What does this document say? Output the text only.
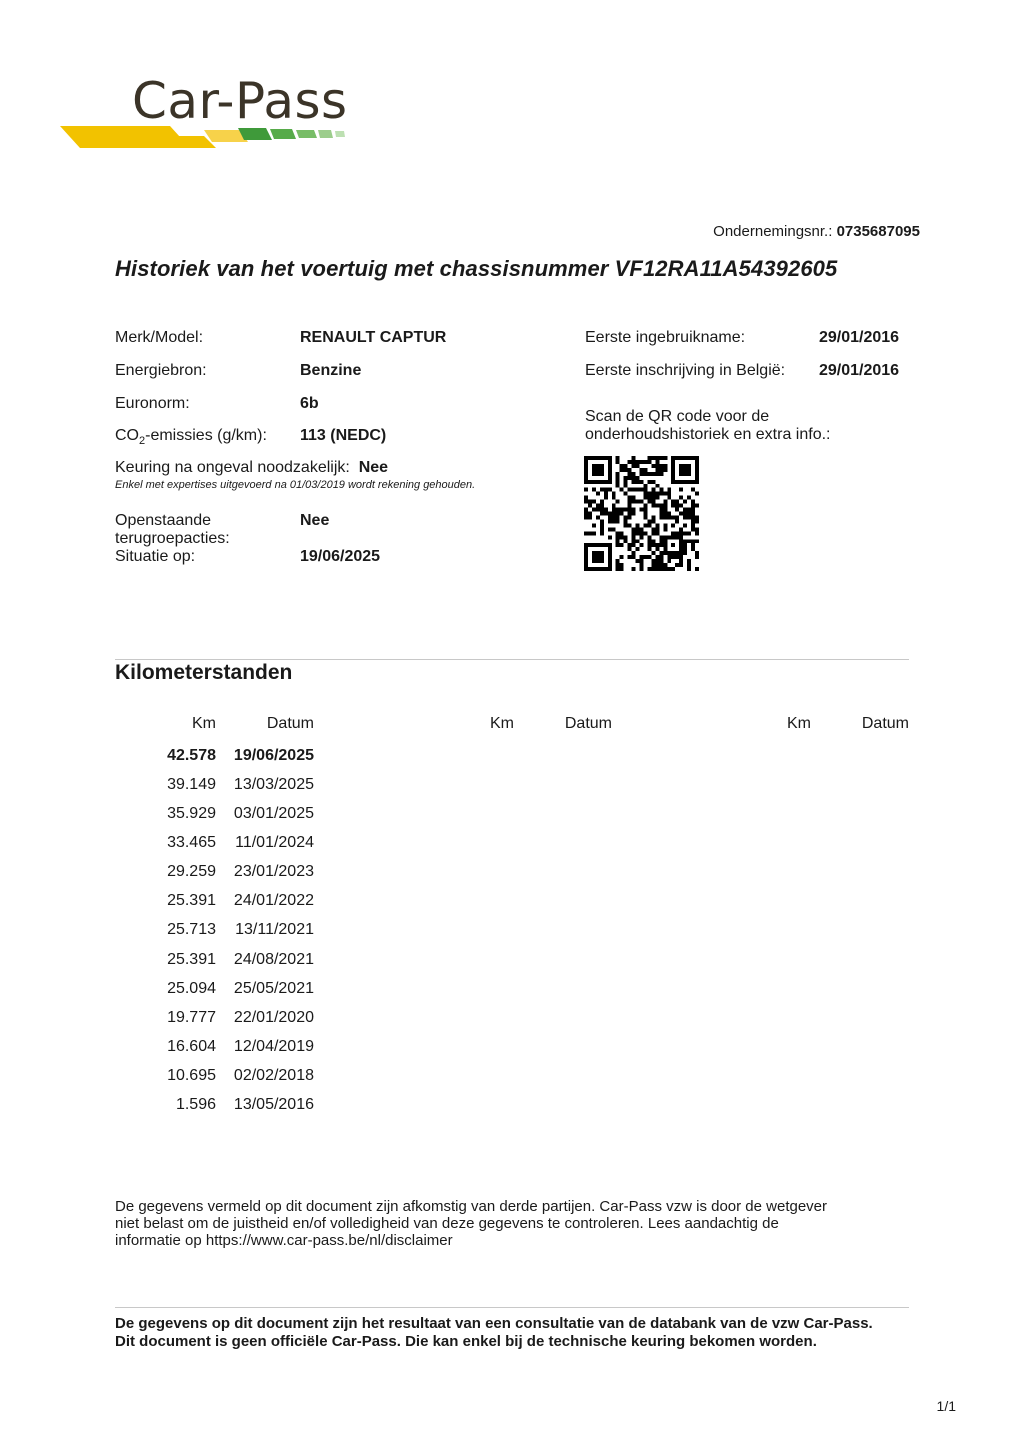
Car-Pass
Ondernemingsnr.: 0735687095
Historiek van het voertuig met chassisnummer VF12RA11A54392605
Merk/Model:	RENAULT CAPTUR
Energiebron:	Benzine
Euronorm:	6b
$CO_2$-emissies (g/km): 113 (NEDC)
Keuring na ongeval noodzakelijk: Nee
Enkel met expertises uitgevoerd na 01/03/2019 wordt rekening gehouden.
Openstaande
terugroepacties:
Nee
Situatie op:	19/06/2025
Eerste ingebruikname:	29/01/2016
Eerste inschrijving in België: 29/01/2016
Scan de QR code voor de
onderhoudshistoriek en extra info.:
Kilometerstanden
Km	Datum	Km	Datum	Km	Datum
42.578	19/06/2025
39.149	13/03/2025
35.929	03/01/2025
33.465	11/01/2024
29.259	23/01/2023
25.391	24/01/2022
25.713	13/11/2021
25.391	24/08/2021
25.094	25/05/2021
19.777	22/01/2020
16.604	12/04/2019
10.695	02/02/2018
1.596	13/05/2016
De gegevens vermeld op dit document zijn afkomstig van derde partijen. Car-Pass vzw is door de wetgever
niet belast om de juistheid en/of volledigheid van deze gegevens te controleren. Lees aandachtig de
informatie op https://www.car-pass.be/nl/disclaimer
De gegevens op dit document zijn het resultaat van een consultatie van de databank van de vzw Car-Pass.
Dit document is geen officiële Car-Pass. Die kan enkel bij de technische keuring bekomen worden.
1/1
